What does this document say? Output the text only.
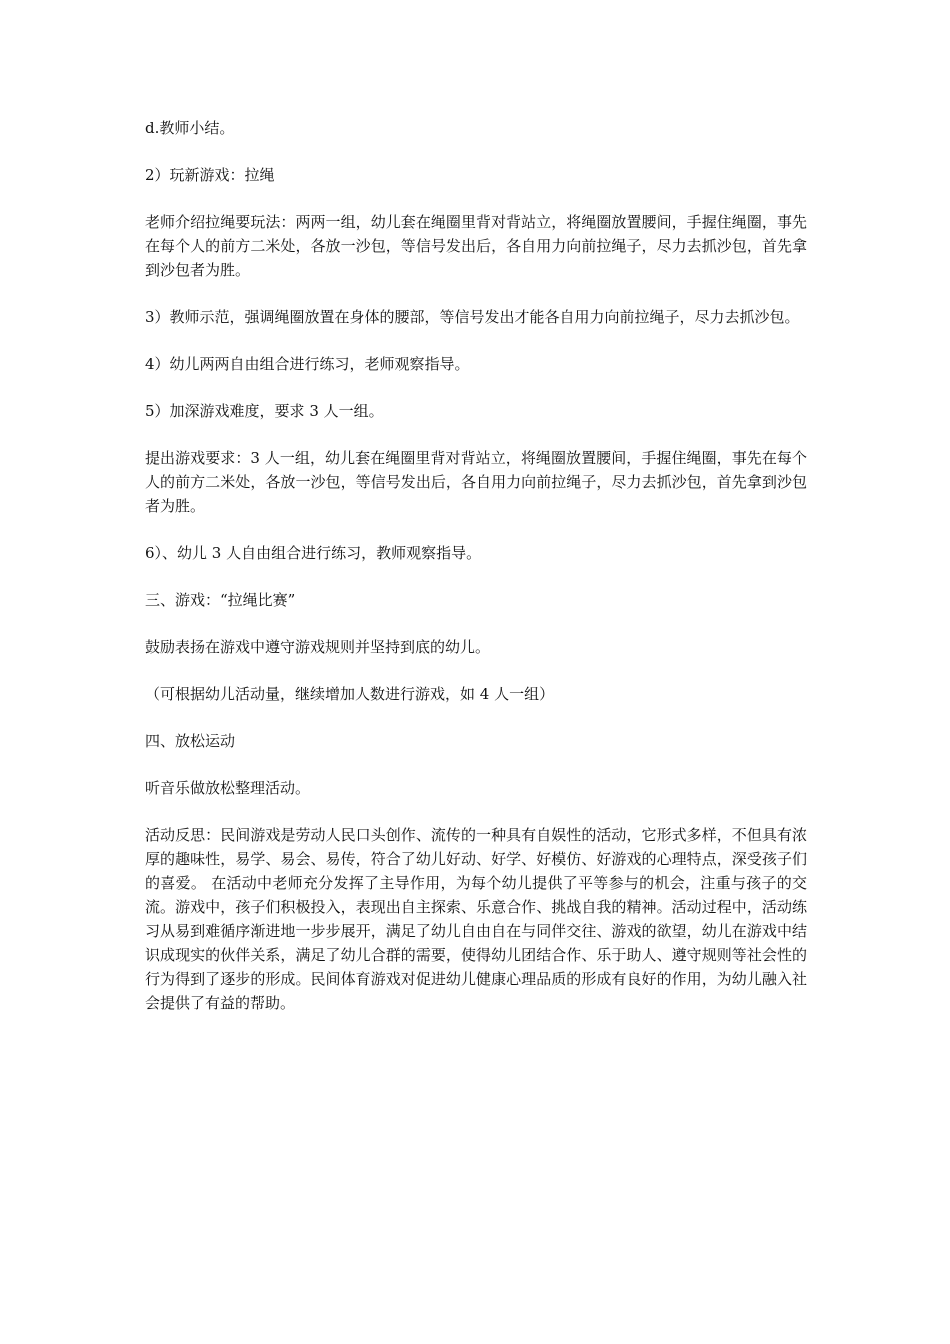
d.教师小结。

2）玩新游戏：拉绳

老师介绍拉绳要玩法：两两一组，幼儿套在绳圈里背对背站立，将绳圈放置腰间，手握住绳圈，事先在每个人的前方二米处，各放一沙包，等信号发出后，各自用力向前拉绳子，尽力去抓沙包，首先拿到沙包者为胜。

3）教师示范，强调绳圈放置在身体的腰部，等信号发出才能各自用力向前拉绳子，尽力去抓沙包。

4）幼儿两两自由组合进行练习，老师观察指导。

5）加深游戏难度，要求 3 人一组。

提出游戏要求：3 人一组，幼儿套在绳圈里背对背站立，将绳圈放置腰间，手握住绳圈，事先在每个人的前方二米处，各放一沙包，等信号发出后，各自用力向前拉绳子，尽力去抓沙包，首先拿到沙包者为胜。

6）、幼儿 3 人自由组合进行练习，教师观察指导。

三、游戏：“拉绳比赛”

鼓励表扬在游戏中遵守游戏规则并坚持到底的幼儿。

（可根据幼儿活动量，继续增加人数进行游戏，如 4 人一组）

四、放松运动

听音乐做放松整理活动。

活动反思：民间游戏是劳动人民口头创作、流传的一种具有自娱性的活动，它形式多样，不但具有浓厚的趣味性，易学、易会、易传，符合了幼儿好动、好学、好模仿、好游戏的心理特点，深受孩子们的喜爱。 在活动中老师充分发挥了主导作用，为每个幼儿提供了平等参与的机会，注重与孩子的交流。游戏中，孩子们积极投入，表现出自主探索、乐意合作、挑战自我的精神。活动过程中，活动练习从易到难循序渐进地一步步展开，满足了幼儿自由自在与同伴交往、游戏的欲望，幼儿在游戏中结识成现实的伙伴关系，满足了幼儿合群的需要，使得幼儿团结合作、乐于助人、遵守规则等社会性的行为得到了逐步的形成。民间体育游戏对促进幼儿健康心理品质的形成有良好的作用，为幼儿融入社会提供了有益的帮助。
